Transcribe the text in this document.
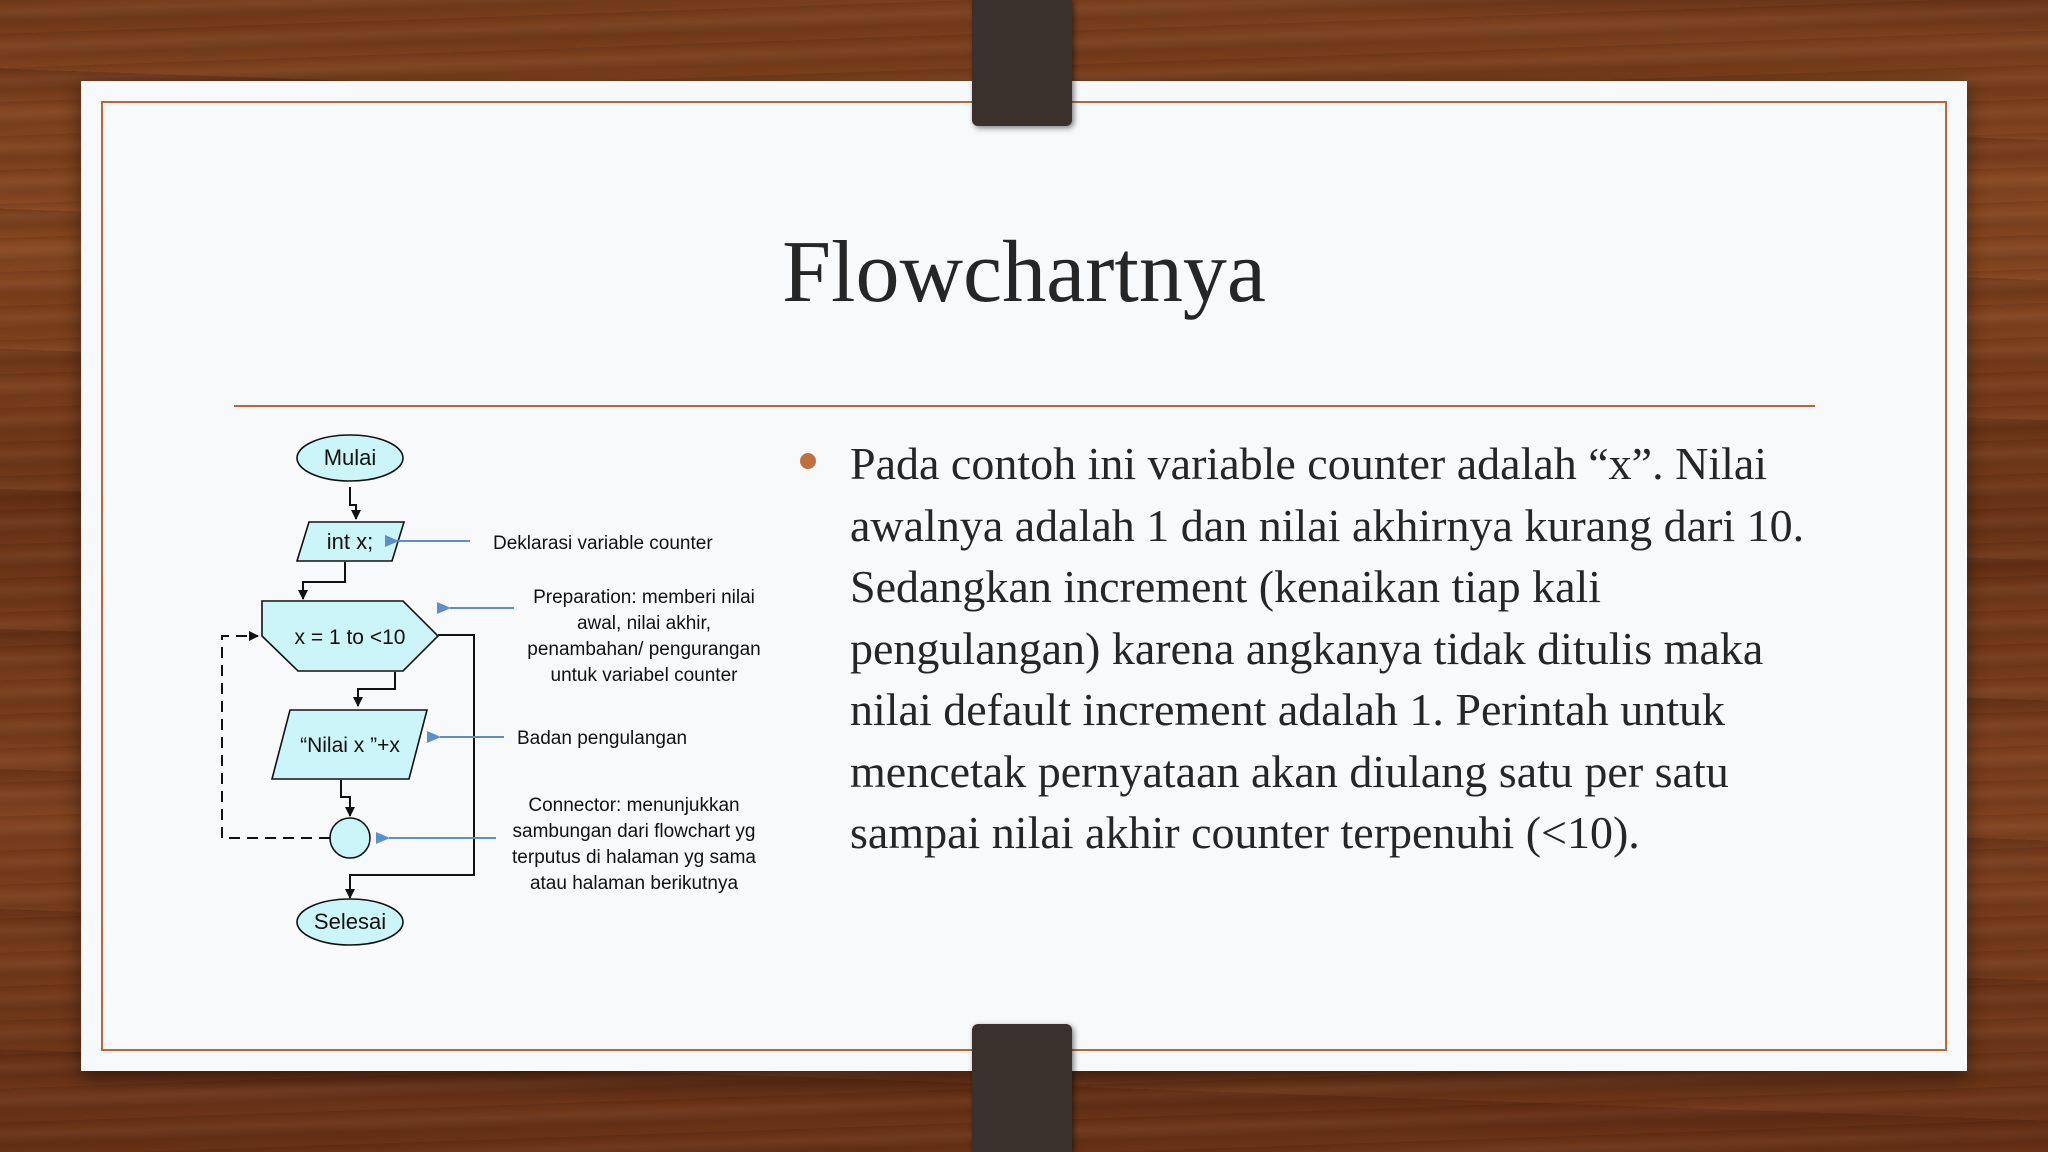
Flowchartnya

Pada contoh ini variable counter adalah “x”. Nilai awalnya adalah 1 dan nilai akhirnya kurang dari 10. Sedangkan increment (kenaikan tiap kali pengulangan) karena angkanya tidak ditulis maka nilai default increment adalah 1. Perintah untuk mencetak pernyataan akan diulang satu per satu sampai nilai akhir counter terpenuhi (<10).

Mulai
int x;
x = 1 to <10
“Nilai x ”+x
Selesai
Deklarasi variable counter
Preparation: memberi nilai
awal, nilai akhir,
penambahan/ pengurangan
untuk variabel counter
Badan pengulangan
Connector: menunjukkan
sambungan dari flowchart yg
terputus di halaman yg sama
atau halaman berikutnya
